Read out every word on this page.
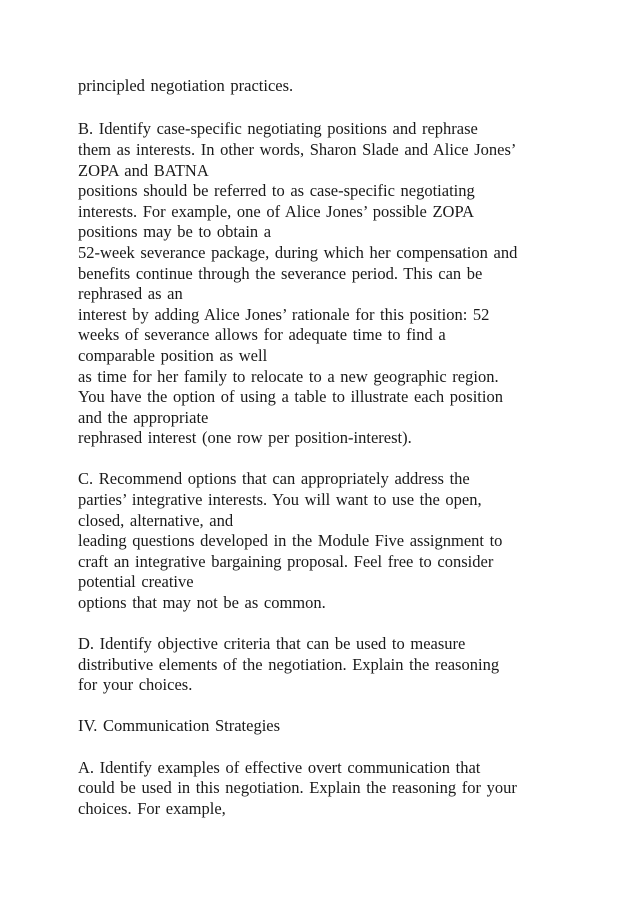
principled negotiation practices.
B. Identify case-specific negotiating positions and rephrase
them as interests. In other words, Sharon Slade and Alice Jones’
ZOPA and BATNA
positions should be referred to as case-specific negotiating
interests. For example, one of Alice Jones’ possible ZOPA
positions may be to obtain a
52-week severance package, during which her compensation and
benefits continue through the severance period. This can be
rephrased as an
interest by adding Alice Jones’ rationale for this position: 52
weeks of severance allows for adequate time to find a
comparable position as well
as time for her family to relocate to a new geographic region.
You have the option of using a table to illustrate each position
and the appropriate
rephrased interest (one row per position-interest).
C. Recommend options that can appropriately address the
parties’ integrative interests. You will want to use the open,
closed, alternative, and
leading questions developed in the Module Five assignment to
craft an integrative bargaining proposal. Feel free to consider
potential creative
options that may not be as common.
D. Identify objective criteria that can be used to measure
distributive elements of the negotiation. Explain the reasoning
for your choices.
IV. Communication Strategies
A. Identify examples of effective overt communication that
could be used in this negotiation. Explain the reasoning for your
choices. For example,
